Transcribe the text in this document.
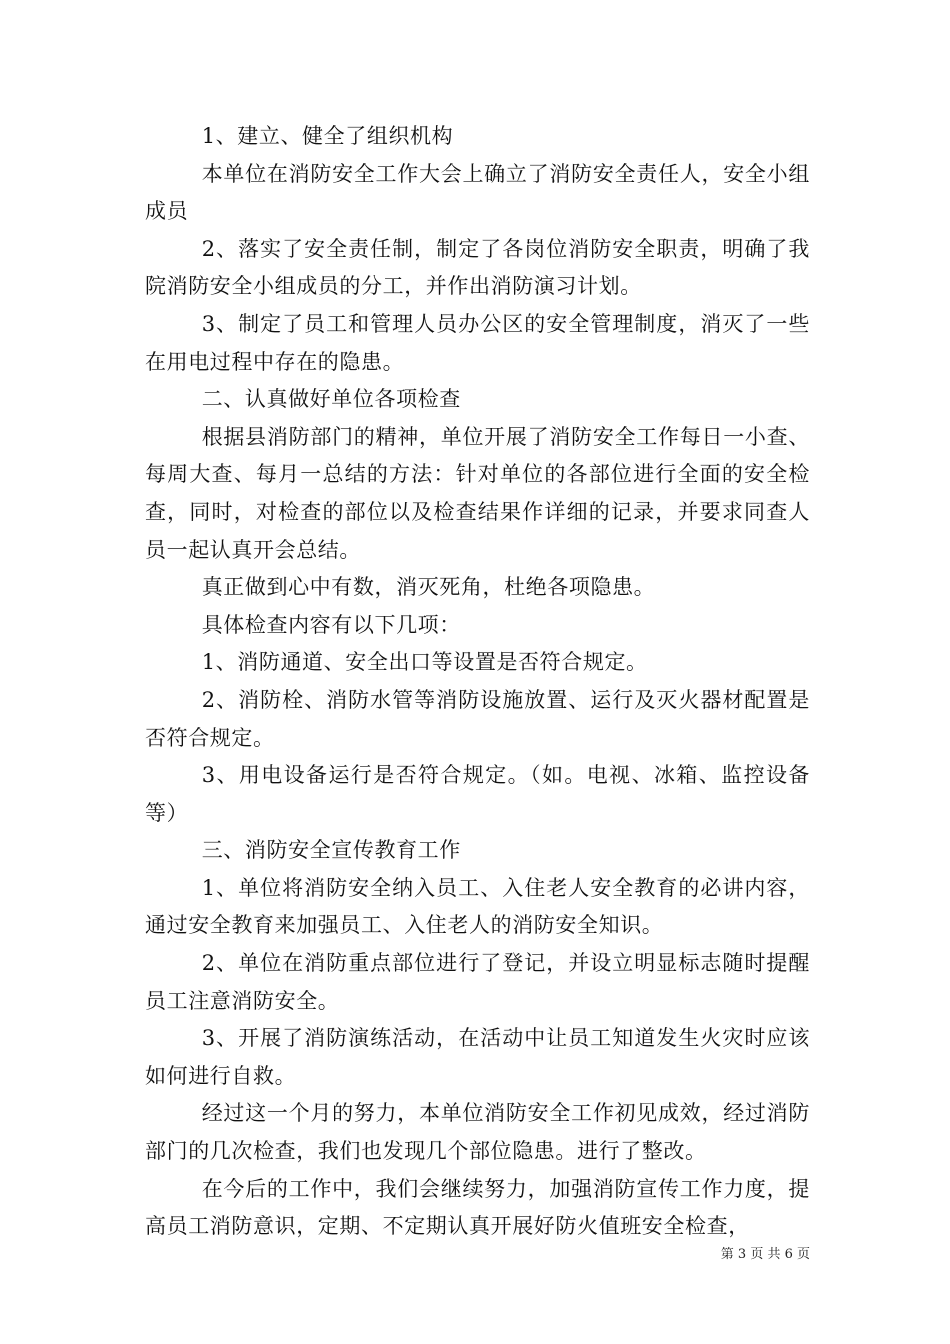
1、建立、健全了组织机构

本单位在消防安全工作大会上确立了消防安全责任人，安全小组成员

2、落实了安全责任制，制定了各岗位消防安全职责，明确了我院消防安全小组成员的分工，并作出消防演习计划。

3、制定了员工和管理人员办公区的安全管理制度，消灭了一些在用电过程中存在的隐患。

二、认真做好单位各项检查

根据县消防部门的精神，单位开展了消防安全工作每日一小查、每周大查、每月一总结的方法：针对单位的各部位进行全面的安全检查，同时，对检查的部位以及检查结果作详细的记录，并要求同查人员一起认真开会总结。

真正做到心中有数，消灭死角，杜绝各项隐患。

具体检查内容有以下几项：

1、消防通道、安全出口等设置是否符合规定。

2、消防栓、消防水管等消防设施放置、运行及灭火器材配置是否符合规定。

3、用电设备运行是否符合规定。（如。电视、冰箱、监控设备等）

三、消防安全宣传教育工作

1、单位将消防安全纳入员工、入住老人安全教育的必讲内容，通过安全教育来加强员工、入住老人的消防安全知识。

2、单位在消防重点部位进行了登记，并设立明显标志随时提醒员工注意消防安全。

3、开展了消防演练活动，在活动中让员工知道发生火灾时应该如何进行自救。

经过这一个月的努力，本单位消防安全工作初见成效，经过消防部门的几次检查，我们也发现几个部位隐患。进行了整改。

在今后的工作中，我们会继续努力，加强消防宣传工作力度，提高员工消防意识，定期、不定期认真开展好防火值班安全检查，

第 3 页 共 6 页
